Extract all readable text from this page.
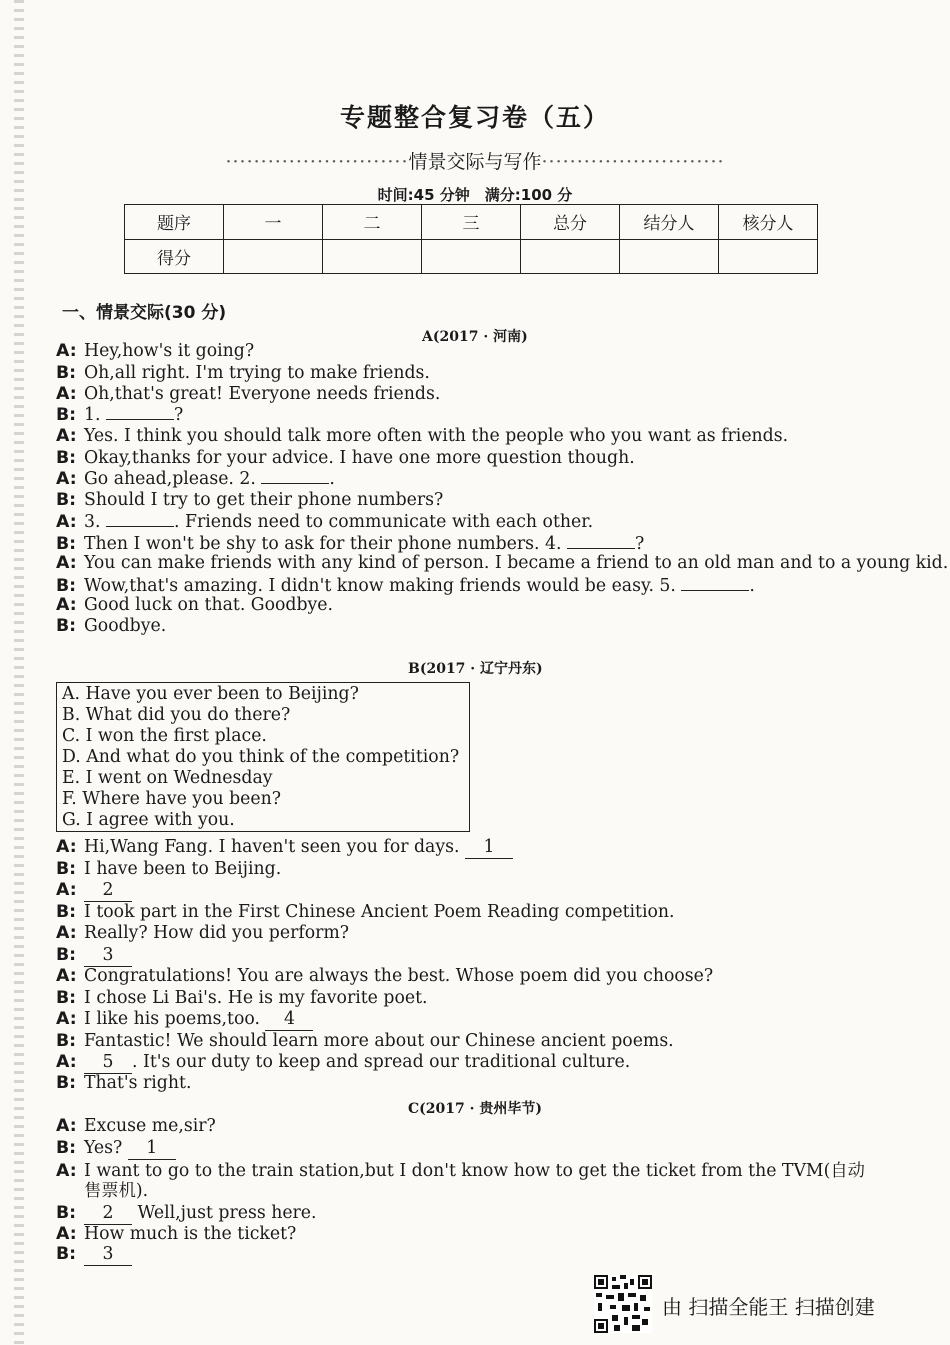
专题整合复习卷（五）
··························情景交际与写作··························
时间:45 分钟　满分:100 分
题序	一	二	三	总分	结分人	核分人
得分						
一、情景交际(30 分)
A(2017 · 河南)
A: Hey,how's it going?
B: Oh,all right. I'm trying to make friends.
A: Oh,that's great! Everyone needs friends.
B: 1.	?
A: Yes. I think you should talk more often with the people who you want as friends.
B: Okay,thanks for your advice. I have one more question though.
A: Go ahead,please. 2.	.
B: Should I try to get their phone numbers?
A: 3.	. Friends need to communicate with each other.
B: Then I won't be shy to ask for their phone numbers. 4.	?
A: You can make friends with any kind of person. I became a friend to an old man and to a young kid.
B: Wow,that's amazing. I didn't know making friends would be easy. 5.	.
A: Good luck on that. Goodbye.
B: Goodbye.
B(2017 · 辽宁丹东)
A. Have you ever been to Beijing?
B. What did you do there?
C. I won the first place.
D. And what do you think of the competition?
E. I went on Wednesday
F. Where have you been?
G. I agree with you.
A: Hi,Wang Fang. I haven't seen you for days. 1
B: I have been to Beijing.
A: 2
B: I took part in the First Chinese Ancient Poem Reading competition.
A: Really? How did you perform?
B: 3
A: Congratulations! You are always the best. Whose poem did you choose?
B: I chose Li Bai's. He is my favorite poet.
A: I like his poems,too. 4
B: Fantastic! We should learn more about our Chinese ancient poems.
A: 5 . It's our duty to keep and spread our traditional culture.
B: That's right.
C(2017 · 贵州毕节)
A: Excuse me,sir?
B: Yes? 1
A: I want to go to the train station,but I don't know how to get the ticket from the TVM(自动
售票机).
B: 2 Well,just press here.
A: How much is the ticket?
B: 3
由 扫描全能王 扫描创建
